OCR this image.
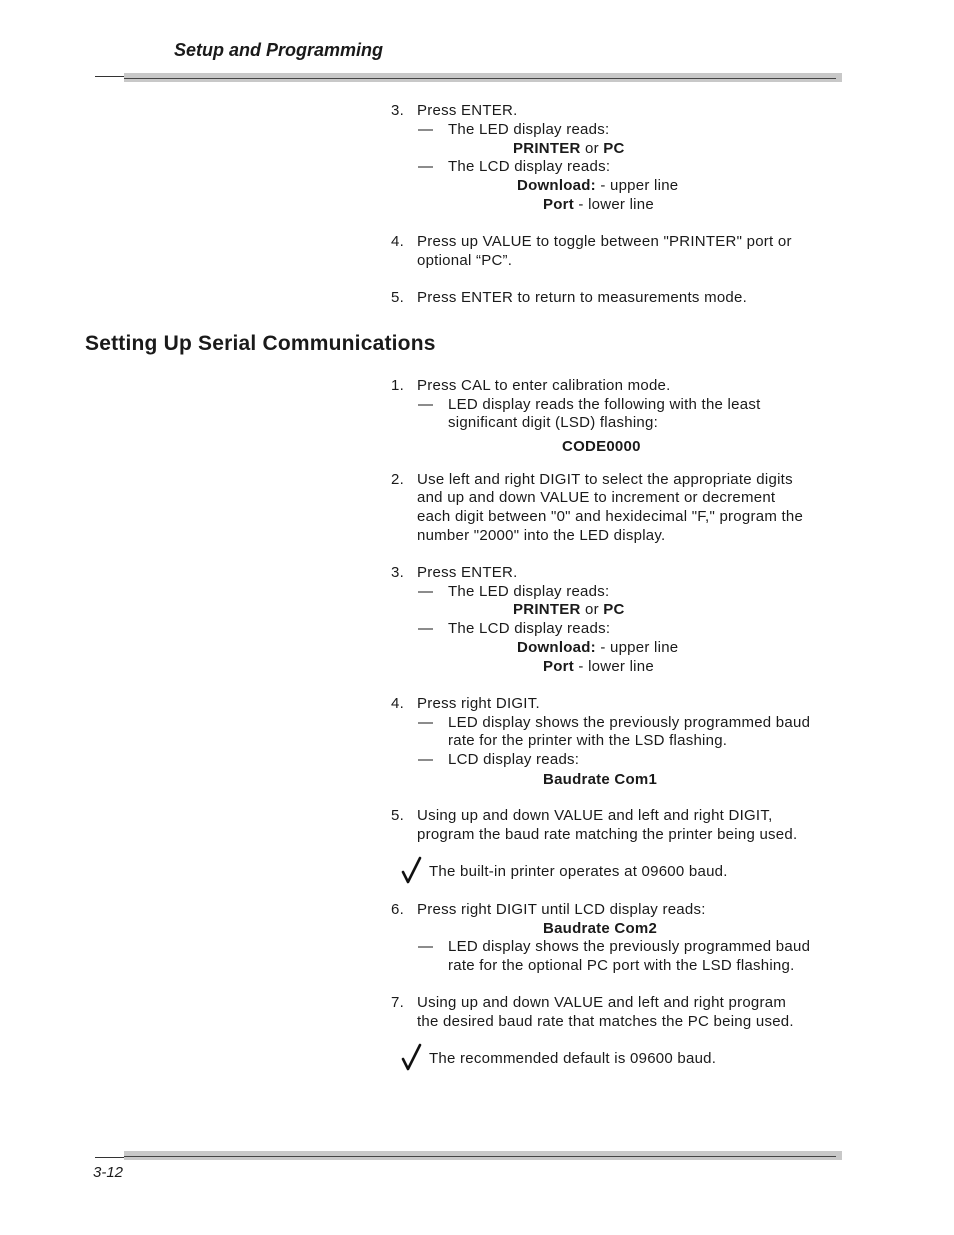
Setup and Programming
3. Press ENTER.
— The LED display reads:
PRINTER or PC
— The LCD display reads:
Download: - upper line
Port - lower line
4. Press up VALUE to toggle between "PRINTER" port or
optional “PC”.
5. Press ENTER to return to measurements mode.
Setting Up Serial Communications
1. Press CAL to enter calibration mode.
— LED display reads the following with the least
significant digit (LSD) flashing:
CODE0000
2. Use left and right DIGIT to select the appropriate digits
and up and down VALUE to increment or decrement
each digit between "0" and hexidecimal "F," program the
number "2000" into the LED display.
3. Press ENTER.
— The LED display reads:
PRINTER or PC
— The LCD display reads:
Download: - upper line
Port - lower line
4. Press right DIGIT.
— LED display shows the previously programmed baud
rate for the printer with the LSD flashing.
— LCD display reads:
Baudrate Com1
5. Using up and down VALUE and left and right DIGIT,
program the baud rate matching the printer being used.
The built-in printer operates at 09600 baud.
6. Press right DIGIT until LCD display reads:
Baudrate Com2
— LED display shows the previously programmed baud
rate for the optional PC port with the LSD flashing.
7. Using up and down VALUE and left and right program
the desired baud rate that matches the PC being used.
The recommended default is 09600 baud.
3-12
